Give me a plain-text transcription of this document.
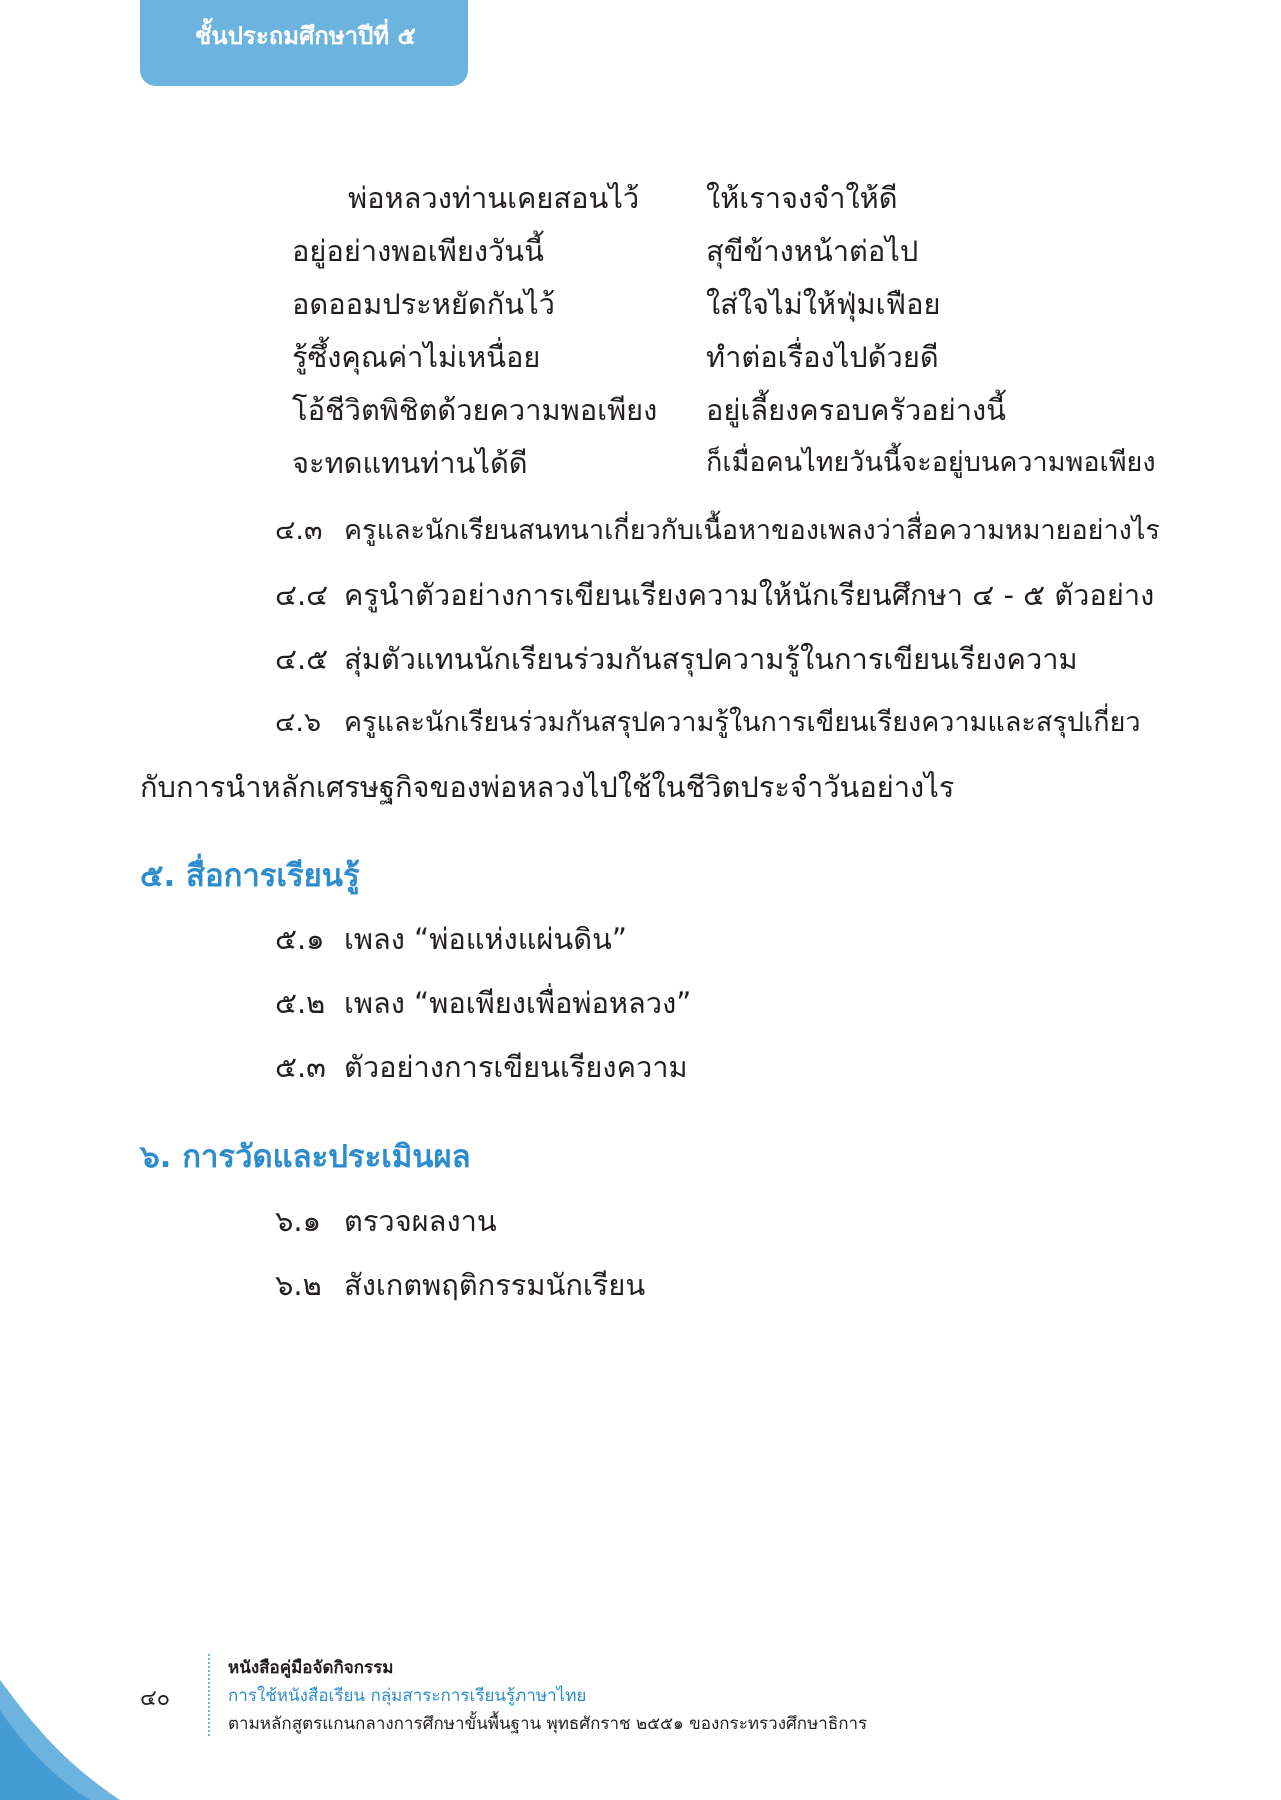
ชั้นประถมศึกษาปีที่ ๕
พ่อหลวงท่านเคยสอนไว้
อยู่อย่างพอเพียงวันนี้
อดออมประหยัดกันไว้
รู้ซึ้งคุณค่าไม่เหนื่อย
โอ้ชีวิตพิชิตด้วยความพอเพียง
จะทดแทนท่านได้ดี
ให้เราจงจำให้ดี
สุขีข้างหน้าต่อไป
ใส่ใจไม่ให้ฟุ่มเฟือย
ทำต่อเรื่องไปด้วยดี
อยู่เลี้ยงครอบครัวอย่างนี้
ก็เมื่อคนไทยวันนี้จะอยู่บนความพอเพียง
๔.๓ ครูและนักเรียนสนทนาเกี่ยวกับเนื้อหาของเพลงว่าสื่อความหมายอย่างไร
๔.๔ ครูนำตัวอย่างการเขียนเรียงความให้นักเรียนศึกษา ๔ - ๕ ตัวอย่าง
๔.๕ สุ่มตัวแทนนักเรียนร่วมกันสรุปความรู้ในการเขียนเรียงความ
๔.๖ ครูและนักเรียนร่วมกันสรุปความรู้ในการเขียนเรียงความและสรุปเกี่ยว
กับการนำหลักเศรษฐกิจของพ่อหลวงไปใช้ในชีวิตประจำวันอย่างไร
๕. สื่อการเรียนรู้
๕.๑ เพลง “พ่อแห่งแผ่นดิน”
๕.๒ เพลง “พอเพียงเพื่อพ่อหลวง”
๕.๓ ตัวอย่างการเขียนเรียงความ
๖. การวัดและประเมินผล
๖.๑ ตรวจผลงาน
๖.๒ สังเกตพฤติกรรมนักเรียน
๔๐
หนังสือคู่มือจัดกิจกรรม
การใช้หนังสือเรียน กลุ่มสาระการเรียนรู้ภาษาไทย
ตามหลักสูตรแกนกลางการศึกษาขั้นพื้นฐาน พุทธศักราช ๒๕๕๑ ของกระทรวงศึกษาธิการ
